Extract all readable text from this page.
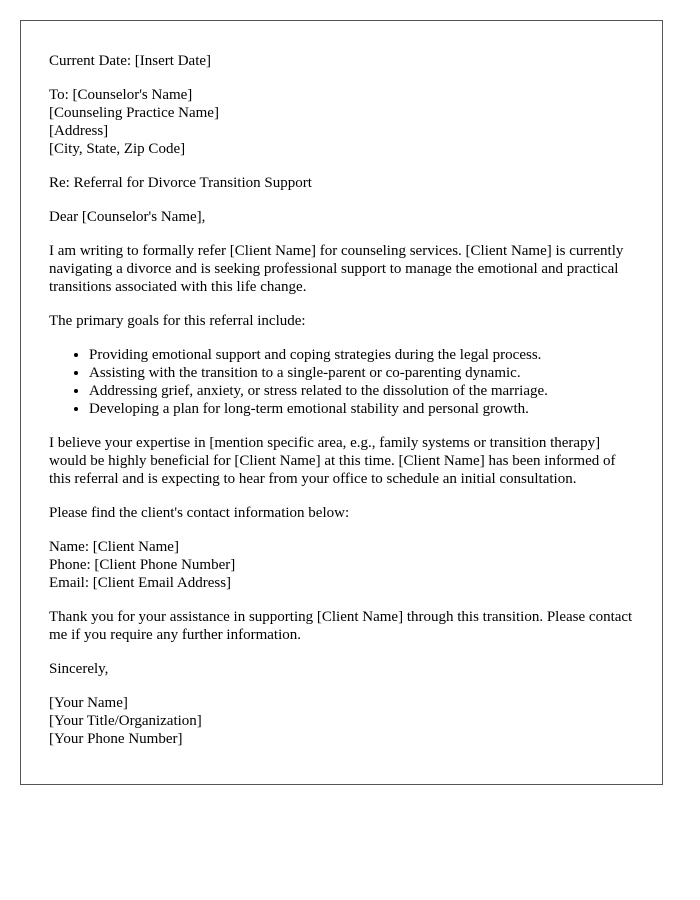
Current Date: [Insert Date]

To: [Counselor's Name]
[Counseling Practice Name]
[Address]
[City, State, Zip Code]

Re: Referral for Divorce Transition Support

Dear [Counselor's Name],

I am writing to formally refer [Client Name] for counseling services. [Client Name] is currently navigating a divorce and is seeking professional support to manage the emotional and practical transitions associated with this life change.

The primary goals for this referral include:

• Providing emotional support and coping strategies during the legal process.
• Assisting with the transition to a single-parent or co-parenting dynamic.
• Addressing grief, anxiety, or stress related to the dissolution of the marriage.
• Developing a plan for long-term emotional stability and personal growth.

I believe your expertise in [mention specific area, e.g., family systems or transition therapy] would be highly beneficial for [Client Name] at this time. [Client Name] has been informed of this referral and is expecting to hear from your office to schedule an initial consultation.

Please find the client's contact information below:

Name: [Client Name]
Phone: [Client Phone Number]
Email: [Client Email Address]

Thank you for your assistance in supporting [Client Name] through this transition. Please contact me if you require any further information.

Sincerely,

[Your Name]
[Your Title/Organization]
[Your Phone Number]
